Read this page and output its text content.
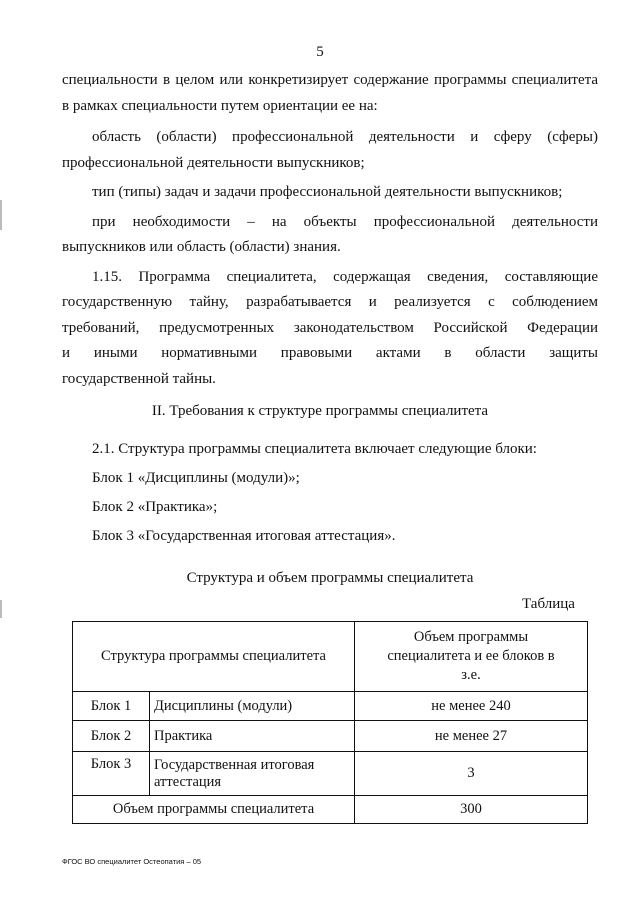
5

специальности в целом или конкретизирует содержание программы специалитета

в рамках специальности путем ориентации ее на:

область (области) профессиональной деятельности и сферу (сферы)

профессиональной деятельности выпускников;

тип (типы) задач и задачи профессиональной деятельности выпускников;

при необходимости – на объекты профессиональной деятельности

выпускников или область (области) знания.

1.15. Программа специалитета, содержащая сведения, составляющие

государственную тайну, разрабатывается и реализуется с соблюдением

требований, предусмотренных законодательством Российской Федерации

и иными нормативными правовыми актами в области защиты

государственной тайны.

II. Требования к структуре программы специалитета
2.1. Структура программы специалитета включает следующие блоки:
Блок 1 «Дисциплины (модули)»;
Блок 2 «Практика»;
Блок 3 «Государственная итоговая аттестация».
Структура и объем программы специалитета
Таблица
Структура программы специалитета		Объем программы специалитета и ее блоков в з.е.
Блок 1	Дисциплины (модули)	не менее 240
Блок 2	Практика	не менее 27
Блок 3	Государственная итоговая аттестация	3
Объем программы специалитета		300
ФГОС ВО специалитет Остеопатия – 05
